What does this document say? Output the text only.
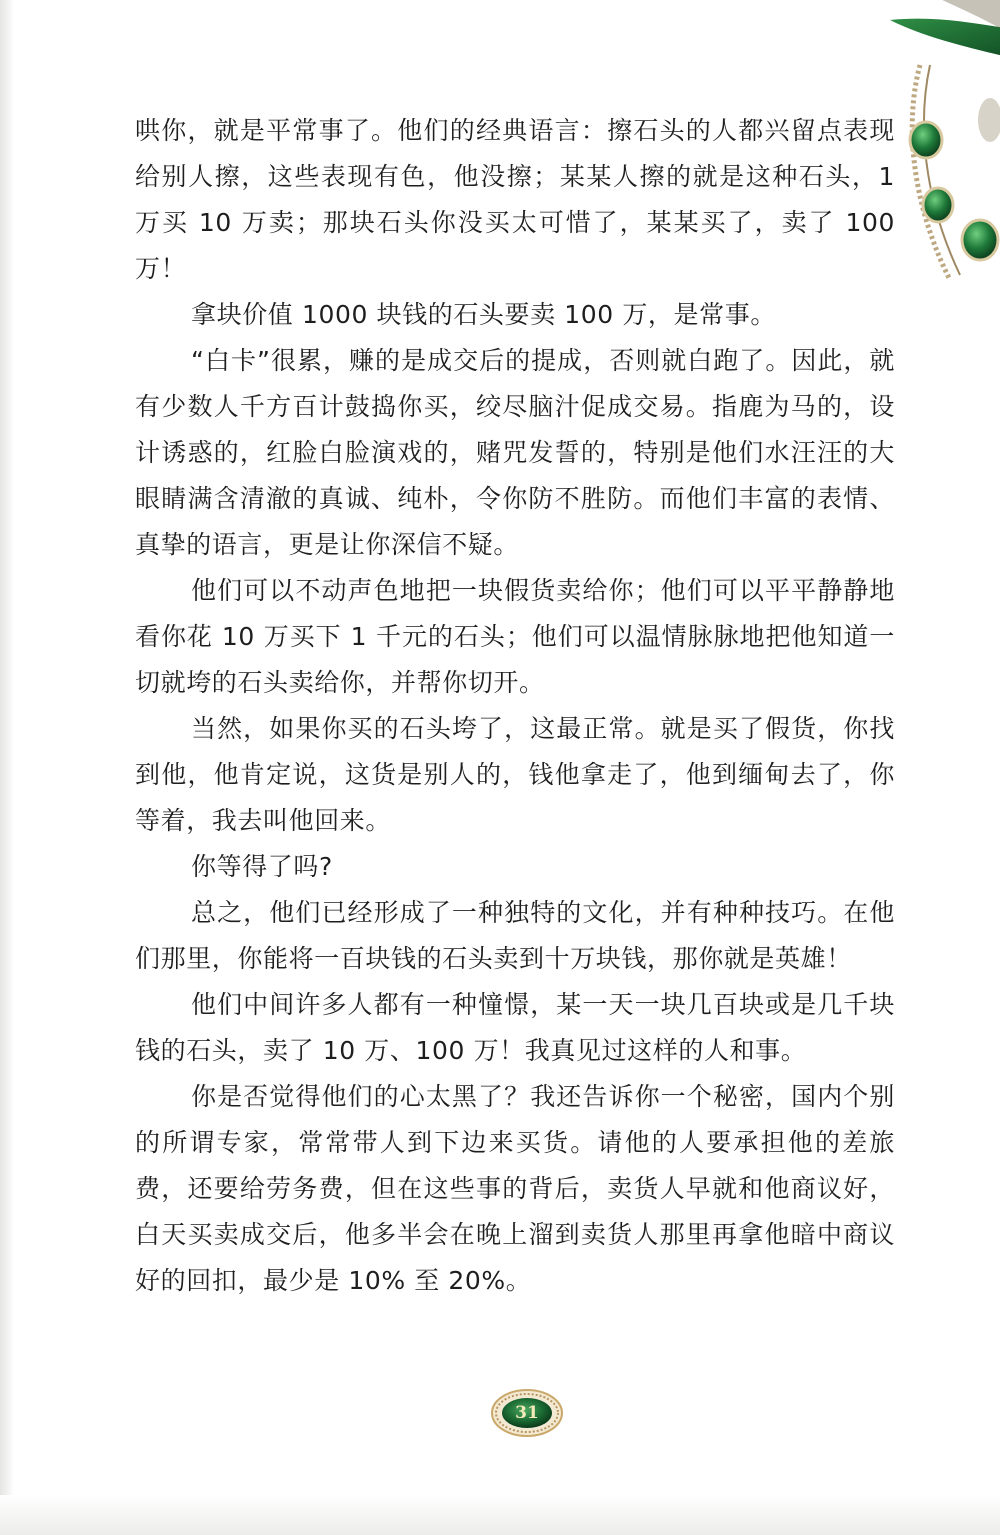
哄你，就是平常事了。他们的经典语言：擦石头的人都兴留点表现给别人擦，这些表现有色，他没擦；某某人擦的就是这种石头，1 万买 10 万卖；那块石头你没买太可惜了，某某买了，卖了 100 万！

拿块价值 1000 块钱的石头要卖 100 万，是常事。

“白卡”很累，赚的是成交后的提成，否则就白跑了。因此，就有少数人千方百计鼓捣你买，绞尽脑汁促成交易。指鹿为马的，设计诱惑的，红脸白脸演戏的，赌咒发誓的，特别是他们水汪汪的大眼睛满含清澈的真诚、纯朴，令你防不胜防。而他们丰富的表情、真挚的语言，更是让你深信不疑。

他们可以不动声色地把一块假货卖给你；他们可以平平静静地看你花 10 万买下 1 千元的石头；他们可以温情脉脉地把他知道一切就垮的石头卖给你，并帮你切开。

当然，如果你买的石头垮了，这最正常。就是买了假货，你找到他，他肯定说，这货是别人的，钱他拿走了，他到缅甸去了，你等着，我去叫他回来。

你等得了吗?

总之，他们已经形成了一种独特的文化，并有种种技巧。在他们那里，你能将一百块钱的石头卖到十万块钱，那你就是英雄！

他们中间许多人都有一种憧憬，某一天一块几百块或是几千块钱的石头，卖了 10 万、100 万！我真见过这样的人和事。

你是否觉得他们的心太黑了？我还告诉你一个秘密，国内个别的所谓专家，常常带人到下边来买货。请他的人要承担他的差旅费，还要给劳务费，但在这些事的背后，卖货人早就和他商议好，白天买卖成交后，他多半会在晚上溜到卖货人那里再拿他暗中商议好的回扣，最少是 10% 至 20%。

31
